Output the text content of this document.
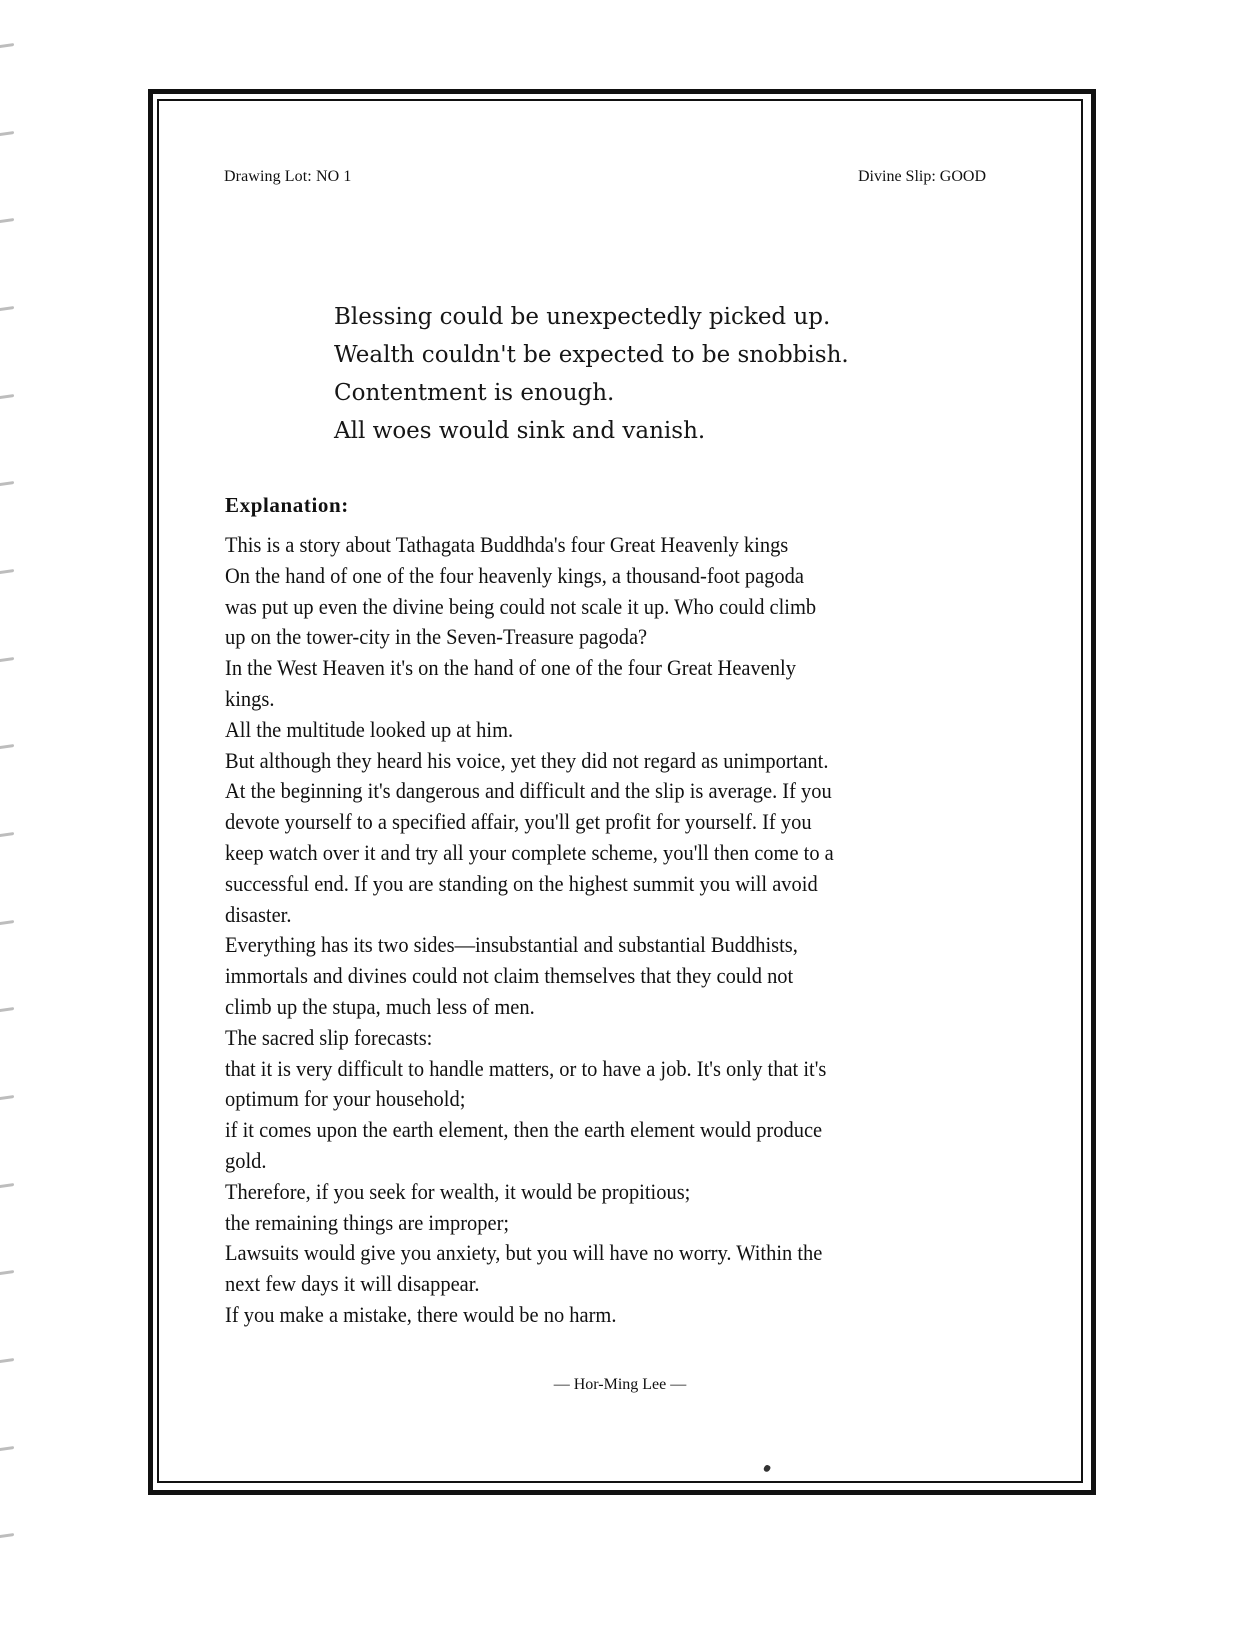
Drawing Lot: NO 1	Divine Slip: GOOD
Blessing could be unexpectedly picked up.
Wealth couldn't be expected to be snobbish.
Contentment is enough.
All woes would sink and vanish.
Explanation:
This is a story about Tathagata Buddhda's four Great Heavenly kings
On the hand of one of the four heavenly kings, a thousand-foot pagoda
was put up even the divine being could not scale it up. Who could climb
up on the tower-city in the Seven-Treasure pagoda?
In the West Heaven it's on the hand of one of the four Great Heavenly
kings.
All the multitude looked up at him.
But although they heard his voice, yet they did not regard as unimportant.
At the beginning it's dangerous and difficult and the slip is average. If you
devote yourself to a specified affair, you'll get profit for yourself. If you
keep watch over it and try all your complete scheme, you'll then come to a
successful end. If you are standing on the highest summit you will avoid
disaster.
Everything has its two sides—insubstantial and substantial Buddhists,
immortals and divines could not claim themselves that they could not
climb up the stupa, much less of men.
The sacred slip forecasts:
that it is very difficult to handle matters, or to have a job. It's only that it's
optimum for your household;
if it comes upon the earth element, then the earth element would produce
gold.
Therefore, if you seek for wealth, it would be propitious;
the remaining things are improper;
Lawsuits would give you anxiety, but you will have no worry. Within the
next few days it will disappear.
If you make a mistake, there would be no harm.
— Hor-Ming Lee —
